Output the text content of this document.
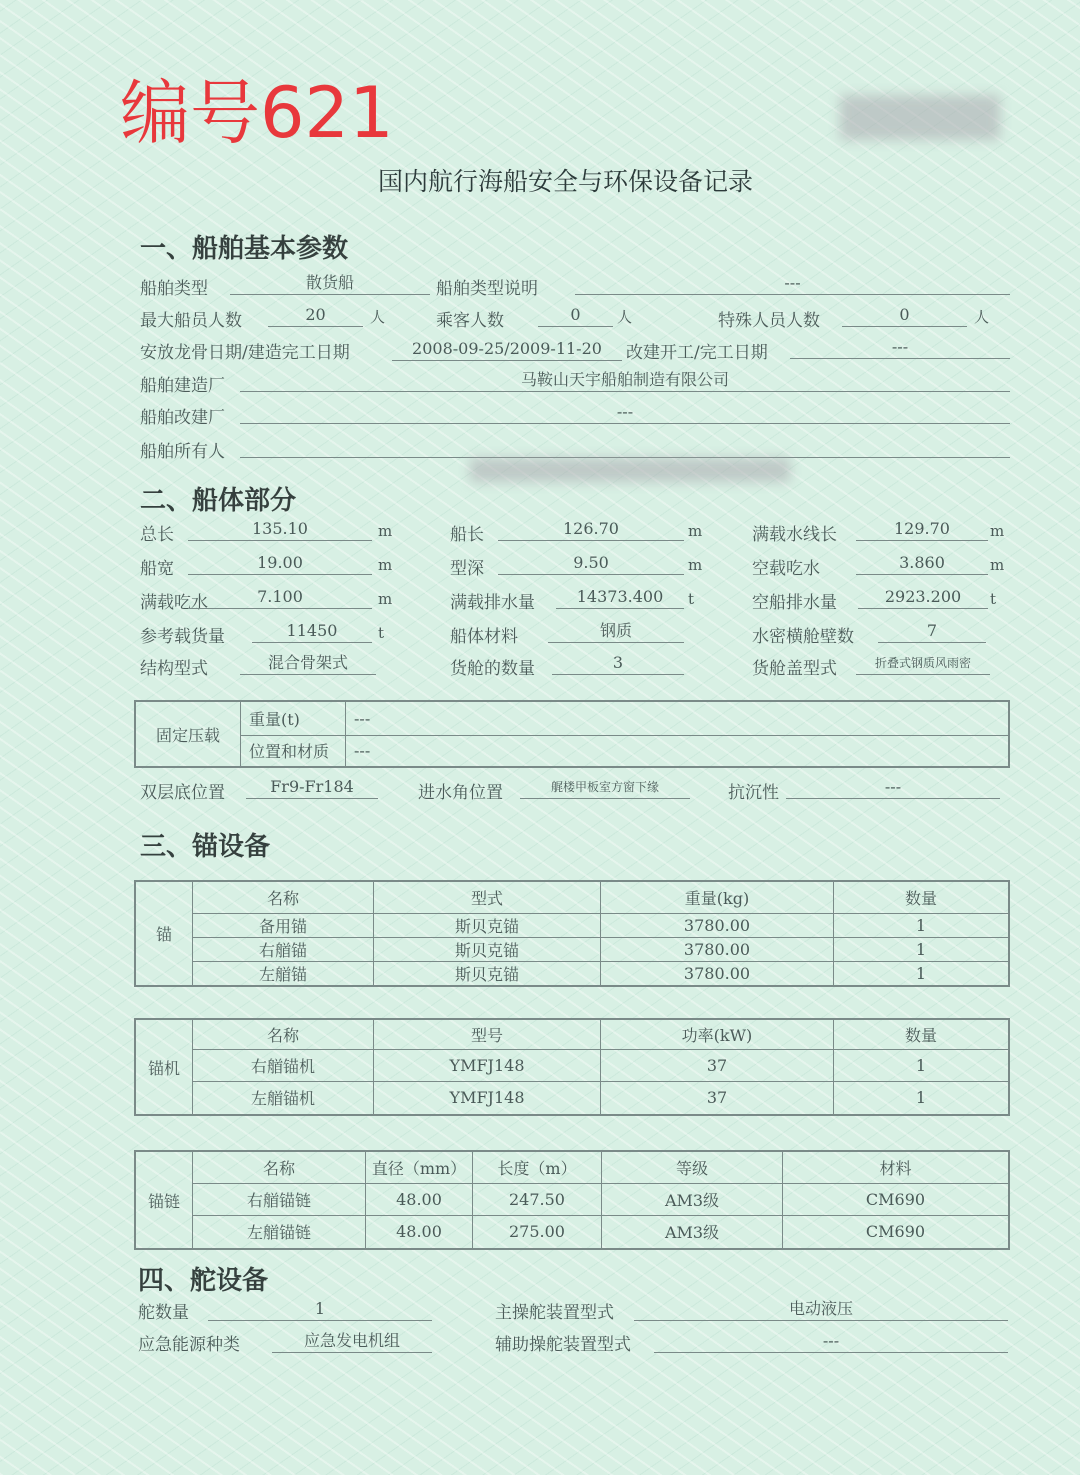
编号621
国内航行海船安全与环保设备记录
一、船舶基本参数
船舶类型	散货船	船舶类型说明	---
最大船员人数	20	人	乘客人数	0	人	特殊人员人数	0	人
安放龙骨日期/建造完工日期	2008-09-25/2009-11-20	改建开工/完工日期	---
船舶建造厂	马鞍山天宇船舶制造有限公司
船舶改建厂	---
船舶所有人
二、船体部分
总长	135.10	m	船长	126.70	m	满载水线长	129.70	m
船宽	19.00	m	型深	9.50	m	空载吃水	3.860	m
满载吃水	7.100	m	满载排水量	14373.400	t	空船排水量	2923.200	t
参考载货量	11450	t	船体材料	钢质	水密横舱壁数	7
结构型式	混合骨架式	货舱的数量	3	货舱盖型式	折叠式钢质风雨密
固定压载	重量(t)	---
	位置和材质	---
双层底位置	Fr9-Fr184	进水角位置	艉楼甲板室方窗下缘	抗沉性	---
三、锚设备
锚	名称	型式	重量(kg)	数量
	备用锚	斯贝克锚	3780.00	1
	右艏锚	斯贝克锚	3780.00	1
	左艏锚	斯贝克锚	3780.00	1
锚机	名称	型号	功率(kW)	数量
	右艏锚机	YMFJ148	37	1
	左艏锚机	YMFJ148	37	1
锚链	名称	直径（mm）	长度（m）	等级	材料
	右艏锚链	48.00	247.50	AM3级	CM690
	左艏锚链	48.00	275.00	AM3级	CM690
四、舵设备
舵数量	1	主操舵装置型式	电动液压
应急能源种类	应急发电机组	辅助操舵装置型式	---
